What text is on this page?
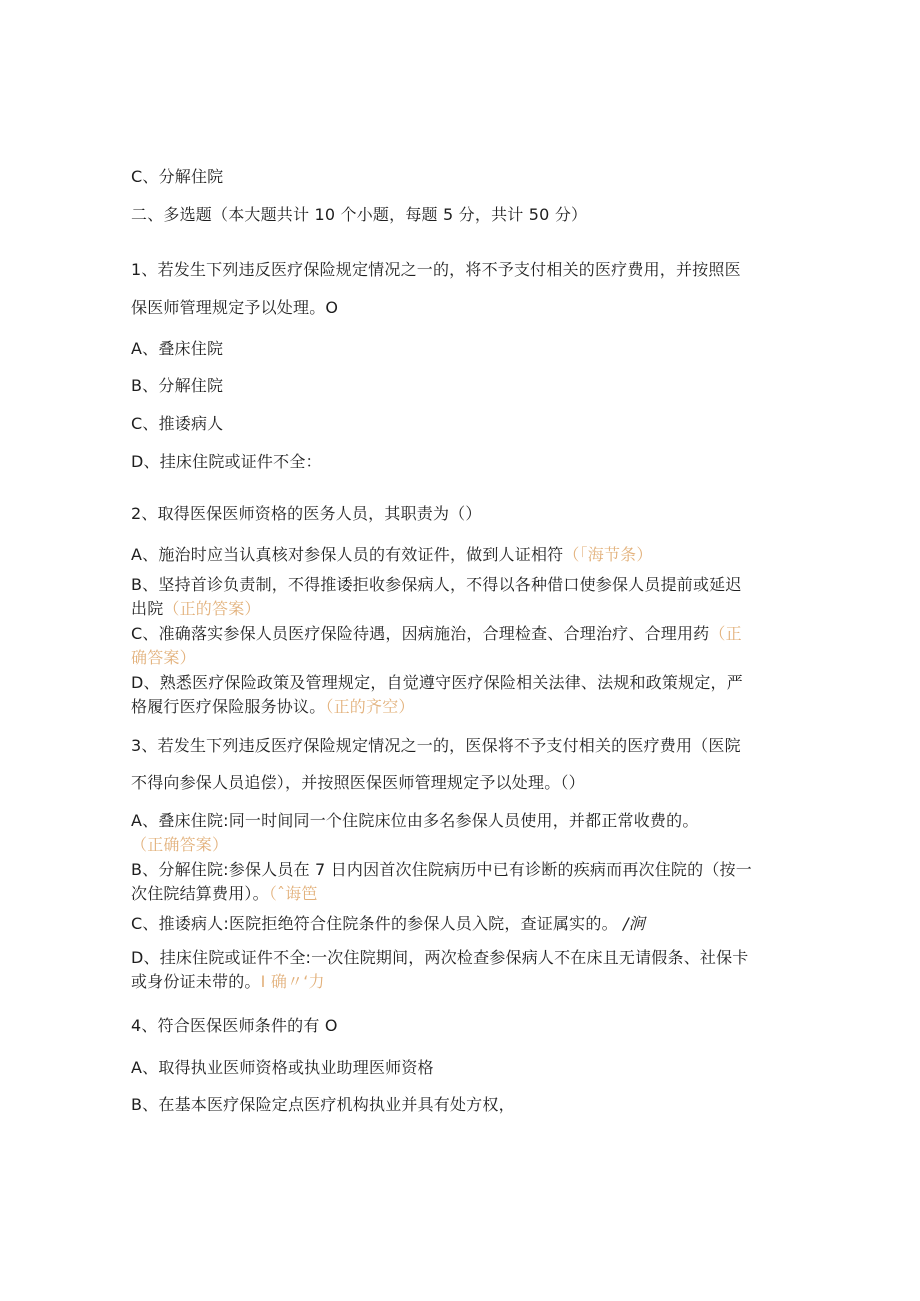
C、分解住院
二、多选题（本大题共计 10 个小题，每题 5 分，共计 50 分）
1、若发生下列违反医疗保险规定情况之一的，将不予支付相关的医疗费用，并按照医
保医师管理规定予以处理。O
A、叠床住院
B、分解住院
C、推诿病人
D、挂床住院或证件不全：
2、取得医保医师资格的医务人员，其职责为（）
A、施治时应当认真核对参保人员的有效证件，做到人证相符（「海节条）
B、坚持首诊负责制，不得推诿拒收参保病人，不得以各种借口使参保人员提前或延迟
出院（正的答案）
C、准确落实参保人员医疗保险待遇，因病施治，合理检查、合理治疗、合理用药（正
确答案）
D、熟悉医疗保险政策及管理规定，自觉遵守医疗保险相关法律、法规和政策规定，严
格履行医疗保险服务协议。（正的齐空）
3、若发生下列违反医疗保险规定情况之一的，医保将不予支付相关的医疗费用（医院
不得向参保人员追偿），并按照医保医师管理规定予以处理。（）
A、叠床住院:同一时间同一个住院床位由多名参保人员使用，并都正常收费的。
（正确答案）
B、分解住院:参保人员在 7 日内因首次住院病历中已有诊断的疾病而再次住院的（按一
次住院结算费用）。（ˆ诲笆
C、推诿病人:医院拒绝符合住院条件的参保人员入院，查证属实的。 /涧
D、挂床住院或证件不全:一次住院期间，两次检查参保病人不在床且无请假条、社保卡
或身份证未带的。I 确〃‘力
4、符合医保医师条件的有 O
A、取得执业医师资格或执业助理医师资格
B、在基本医疗保险定点医疗机构执业并具有处方权，
